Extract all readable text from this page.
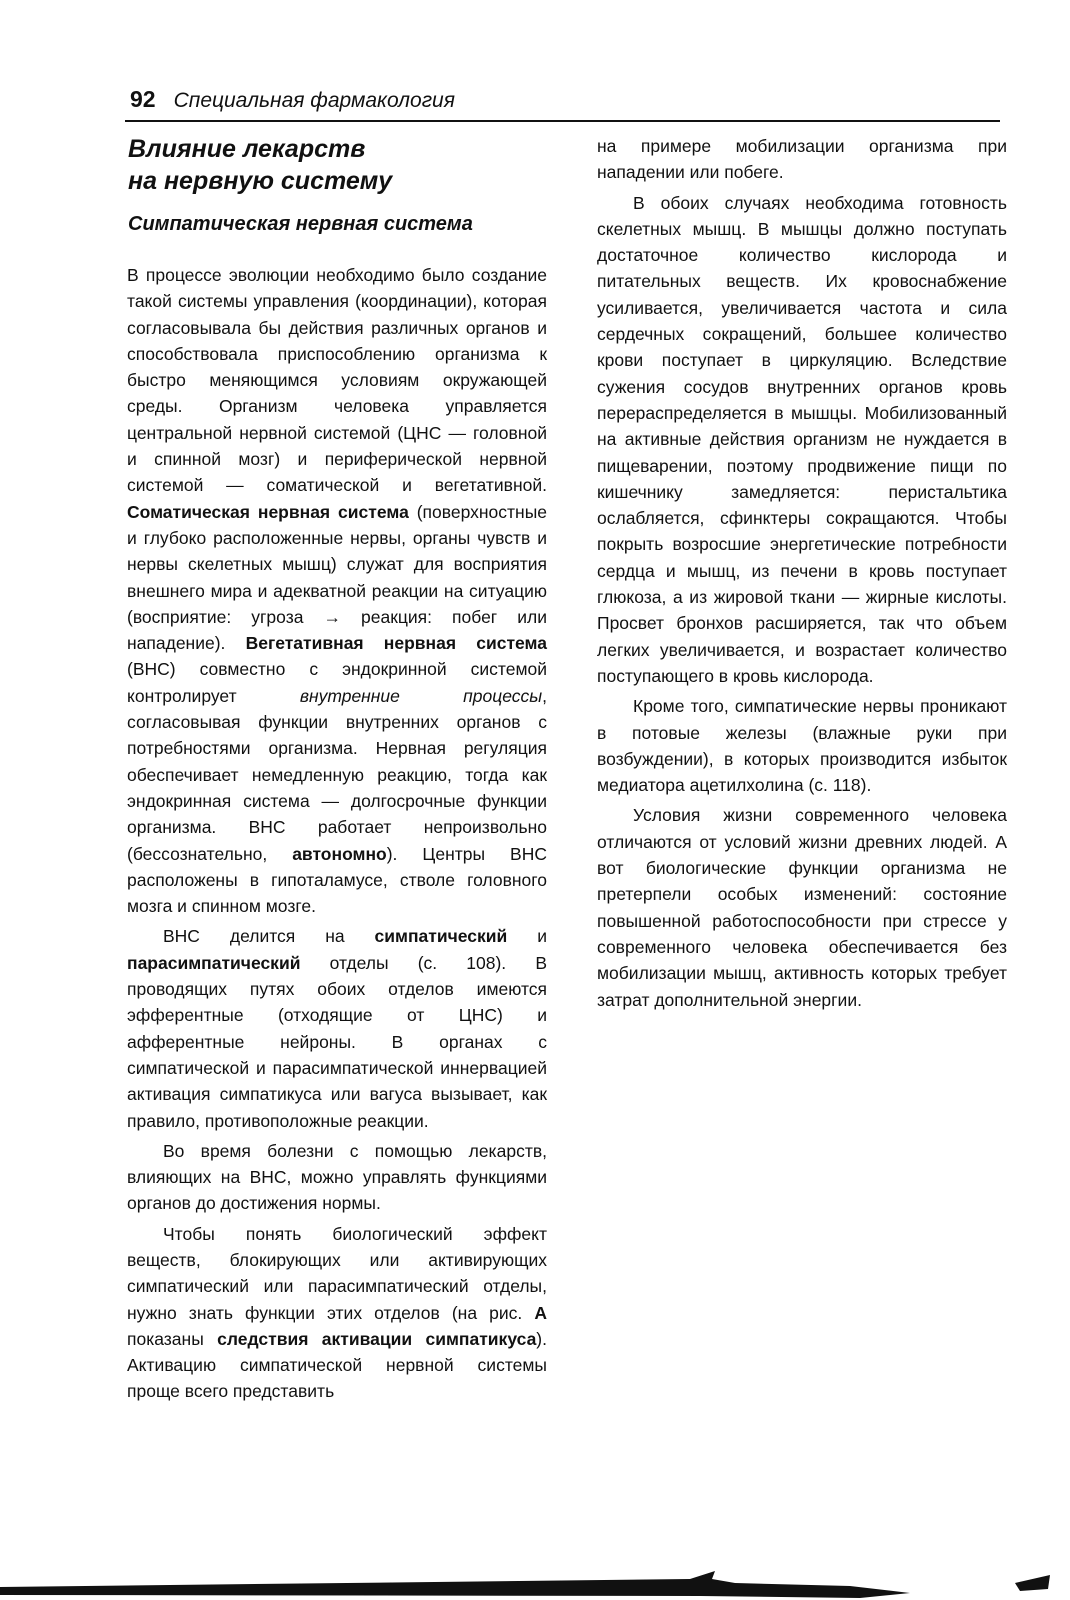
92 Специальная фармакология
Влияние лекарств
на нервную систему
Симпатическая нервная система

В процессе эволюции необходимо было создание такой системы управления (координации), которая согласовывала бы действия различных органов и способствовала приспособлению организма к быстро меняющимся условиям окружающей среды. Организм человека управляется центральной нервной системой (ЦНС — головной и спинной мозг) и периферической нервной системой — соматической и вегетативной. Соматическая нервная система (поверхностные и глубоко расположенные нервы, органы чувств и нервы скелетных мышц) служат для восприятия внешнего мира и адекватной реакции на ситуацию (восприятие: угроза → реакция: побег или нападение). Вегетативная нервная система (ВНС) совместно с эндокринной системой контролирует внутренние процессы, согласовывая функции внутренних органов с потребностями организма. Нервная регуляция обеспечивает немедленную реакцию, тогда как эндокринная система — долгосрочные функции организма. ВНС работает непроизвольно (бессознательно, автономно). Центры ВНС расположены в гипоталамусе, стволе головного мозга и спинном мозге.

ВНС делится на симпатический и парасимпатический отделы (с. 108). В проводящих путях обоих отделов имеются эфферентные (отходящие от ЦНС) и афферентные нейроны. В органах с симпатической и парасимпатической иннервацией активация симпатикуса или вагуса вызывает, как правило, противоположные реакции.

Во время болезни с помощью лекарств, влияющих на ВНС, можно управлять функциями органов до достижения нормы.

Чтобы понять биологический эффект веществ, блокирующих или активирующих симпатический или парасимпатический отделы, нужно знать функции этих отделов (на рис. А показаны следствия активации симпатикуса). Активацию симпатической нервной системы проще всего представить

на примере мобилизации организма при нападении или побеге.

В обоих случаях необходима готовность скелетных мышц. В мышцы должно поступать достаточное количество кислорода и питательных веществ. Их кровоснабжение усиливается, увеличивается частота и сила сердечных сокращений, большее количество крови поступает в циркуляцию. Вследствие сужения сосудов внутренних органов кровь перераспределяется в мышцы. Мобилизованный на активные действия организм не нуждается в пищеварении, поэтому продвижение пищи по кишечнику замедляется: перистальтика ослабляется, сфинктеры сокращаются. Чтобы покрыть возросшие энергетические потребности сердца и мышц, из печени в кровь поступает глюкоза, а из жировой ткани — жирные кислоты. Просвет бронхов расширяется, так что объем легких увеличивается, и возрастает количество поступающего в кровь кислорода.

Кроме того, симпатические нервы проникают в потовые железы (влажные руки при возбуждении), в которых производится избыток медиатора ацетилхолина (с. 118).

Условия жизни современного человека отличаются от условий жизни древних людей. А вот биологические функции организма не претерпели особых изменений: состояние повышенной работоспособности при стрессе у современного человека обеспечивается без мобилизации мышц, активность которых требует затрат дополнительной энергии.
